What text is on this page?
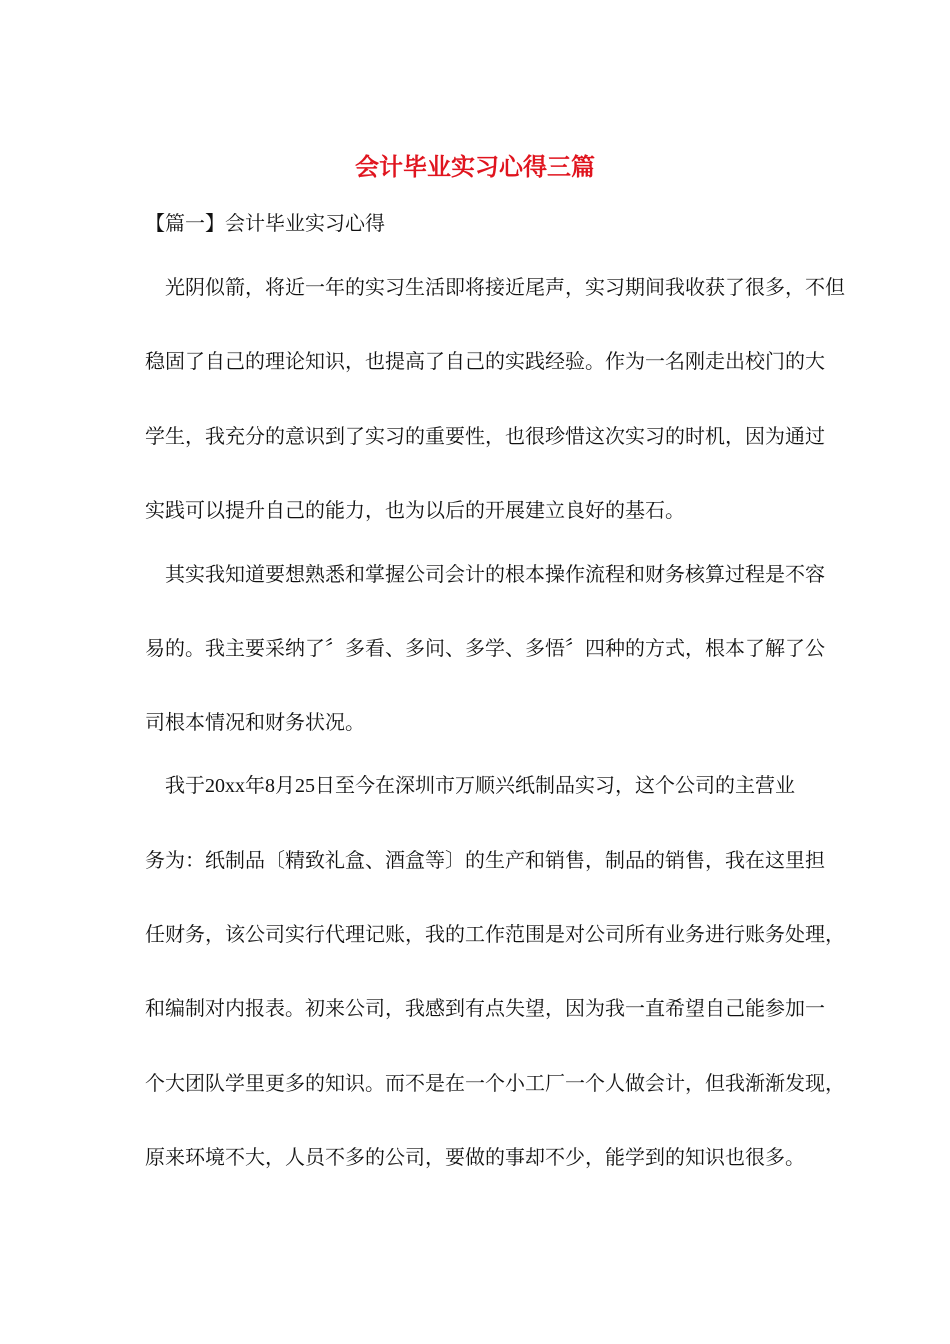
会计毕业实习心得三篇

【篇一】会计毕业实习心得

　光阴似箭，将近一年的实习生活即将接近尾声，实习期间我收获了很多，不但

稳固了自己的理论知识，也提高了自己的实践经验。作为一名刚走出校门的大

学生，我充分的意识到了实习的重要性，也很珍惜这次实习的时机，因为通过

实践可以提升自己的能力，也为以后的开展建立良好的基石。

　其实我知道要想熟悉和掌握公司会计的根本操作流程和财务核算过程是不容

易的。我主要采纳了〞多看、多问、多学、多悟〞四种的方式，根本了解了公

司根本情况和财务状况。

　我于20xx年8月25日至今在深圳市万顺兴纸制品实习，这个公司的主营业

务为：纸制品〔精致礼盒、酒盒等〕的生产和销售，制品的销售，我在这里担

任财务，该公司实行代理记账，我的工作范围是对公司所有业务进行账务处理，

和编制对内报表。初来公司，我感到有点失望，因为我一直希望自己能参加一

个大团队学里更多的知识。而不是在一个小工厂一个人做会计，但我渐渐发现，

原来环境不大，人员不多的公司，要做的事却不少，能学到的知识也很多。
